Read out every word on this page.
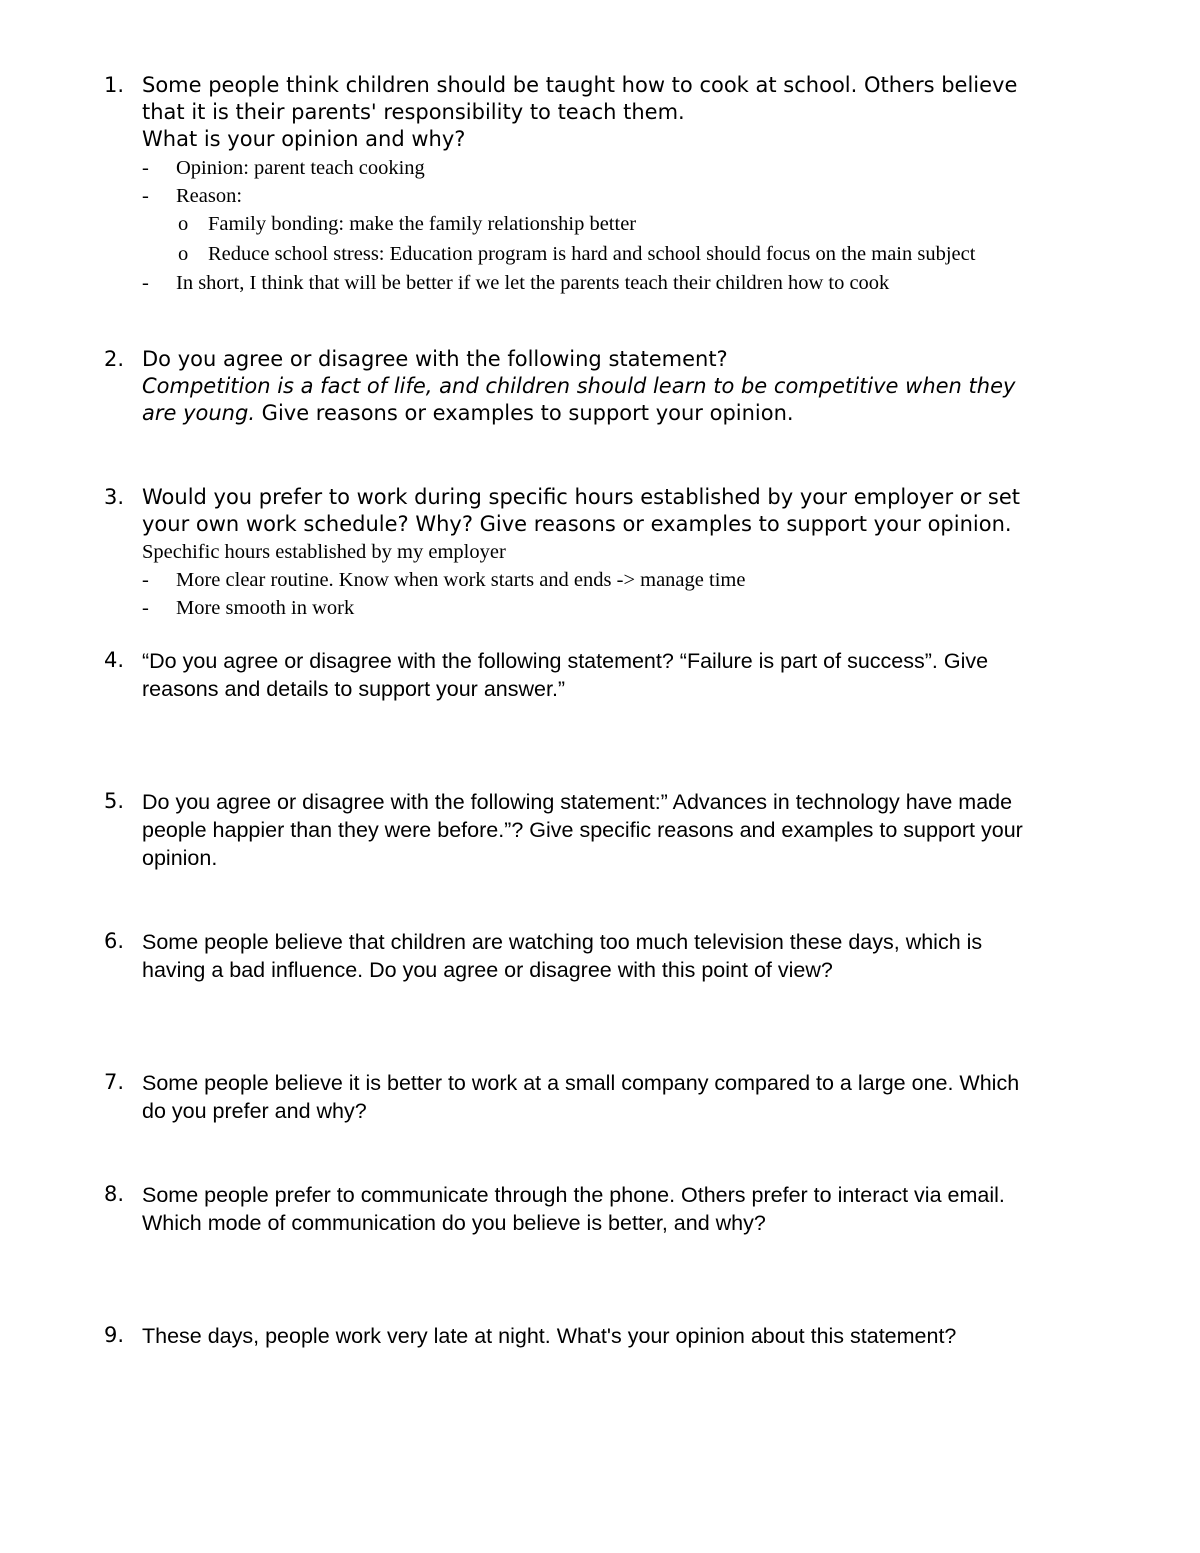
1. Some people think children should be taught how to cook at school. Others believe
that it is their parents' responsibility to teach them.
What is your opinion and why?
- Opinion: parent teach cooking
- Reason:
o Family bonding: make the family relationship better
o Reduce school stress: Education program is hard and school should focus on the main subject
- In short, I think that will be better if we let the parents teach their children how to cook
2. Do you agree or disagree with the following statement?
Competition is a fact of life, and children should learn to be competitive when they
are young. Give reasons or examples to support your opinion.
3. Would you prefer to work during specific hours established by your employer or set
your own work schedule? Why? Give reasons or examples to support your opinion.
Spechific hours established by my employer
- More clear routine. Know when work starts and ends -> manage time
- More smooth in work
4. “Do you agree or disagree with the following statement? “Failure is part of success”. Give
reasons and details to support your answer.”
5. Do you agree or disagree with the following statement:” Advances in technology have made
people happier than they were before.”? Give specific reasons and examples to support your
opinion.
6. Some people believe that children are watching too much television these days, which is
having a bad influence. Do you agree or disagree with this point of view?
7. Some people believe it is better to work at a small company compared to a large one. Which
do you prefer and why?
8. Some people prefer to communicate through the phone. Others prefer to interact via email.
Which mode of communication do you believe is better, and why?
9. These days, people work very late at night. What's your opinion about this statement?
